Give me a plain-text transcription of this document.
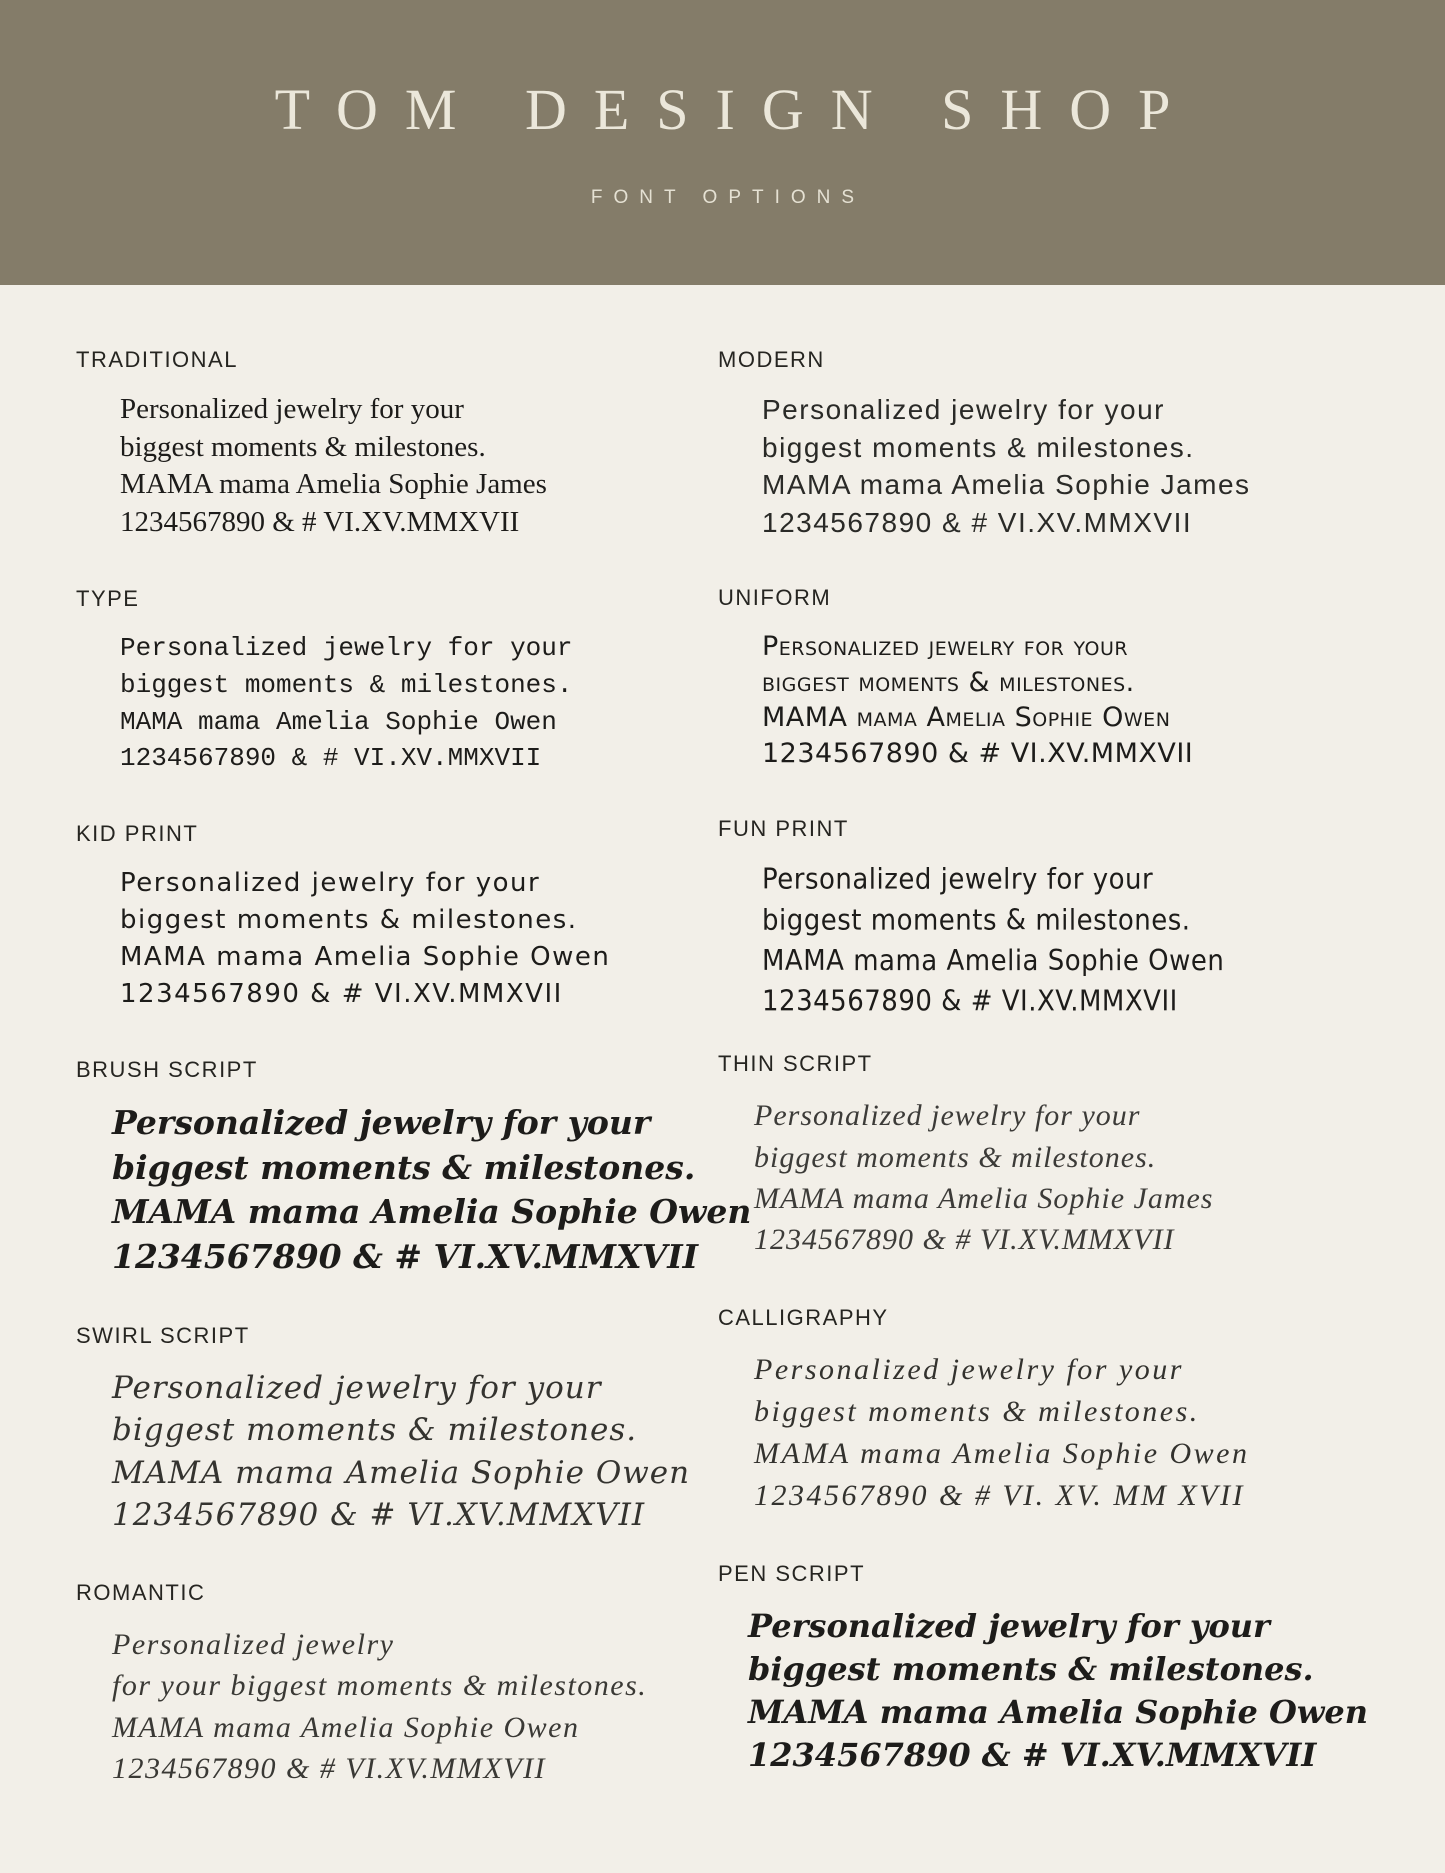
TOM DESIGN SHOP
FONT OPTIONS
TRADITIONAL
Personalized jewelry for your
biggest moments & milestones.
MAMA mama Amelia Sophie James
1234567890 & # VI.XV.MMXVII
TYPE
Personalized jewelry for your
biggest moments & milestones.
MAMA mama Amelia Sophie Owen
1234567890 & # VI.XV.MMXVII
KID PRINT
Personalized jewelry for your
biggest moments & milestones.
MAMA mama Amelia Sophie Owen
1234567890 & # VI.XV.MMXVII
BRUSH SCRIPT
Personalized jewelry for your
biggest moments & milestones.
MAMA mama Amelia Sophie Owen
1234567890 & # VI.XV.MMXVII
SWIRL SCRIPT
Personalized jewelry for your
biggest moments & milestones.
MAMA mama Amelia Sophie Owen
1234567890 & # VI.XV.MMXVII
ROMANTIC
Personalized jewelry
for your biggest moments & milestones.
MAMA mama Amelia Sophie Owen
1234567890 & # VI.XV.MMXVII
MODERN
Personalized jewelry for your
biggest moments & milestones.
MAMA mama Amelia Sophie James
1234567890 & # VI.XV.MMXVII
UNIFORM
Personalized jewelry for your
biggest moments & milestones.
MAMA mama Amelia Sophie Owen
1234567890 & # VI.XV.MMXVII
FUN PRINT
Personalized jewelry for your
biggest moments & milestones.
MAMA mama Amelia Sophie Owen
1234567890 & # VI.XV.MMXVII
THIN SCRIPT
Personalized jewelry for your
biggest moments & milestones.
MAMA mama Amelia Sophie James
1234567890 & # VI.XV.MMXVII
CALLIGRAPHY
Personalized jewelry for your
biggest moments & milestones.
MAMA mama Amelia Sophie Owen
1234567890 & # VI. XV. MM XVII
PEN SCRIPT
Personalized jewelry for your
biggest moments & milestones.
MAMA mama Amelia Sophie Owen
1234567890 & # VI.XV.MMXVII
